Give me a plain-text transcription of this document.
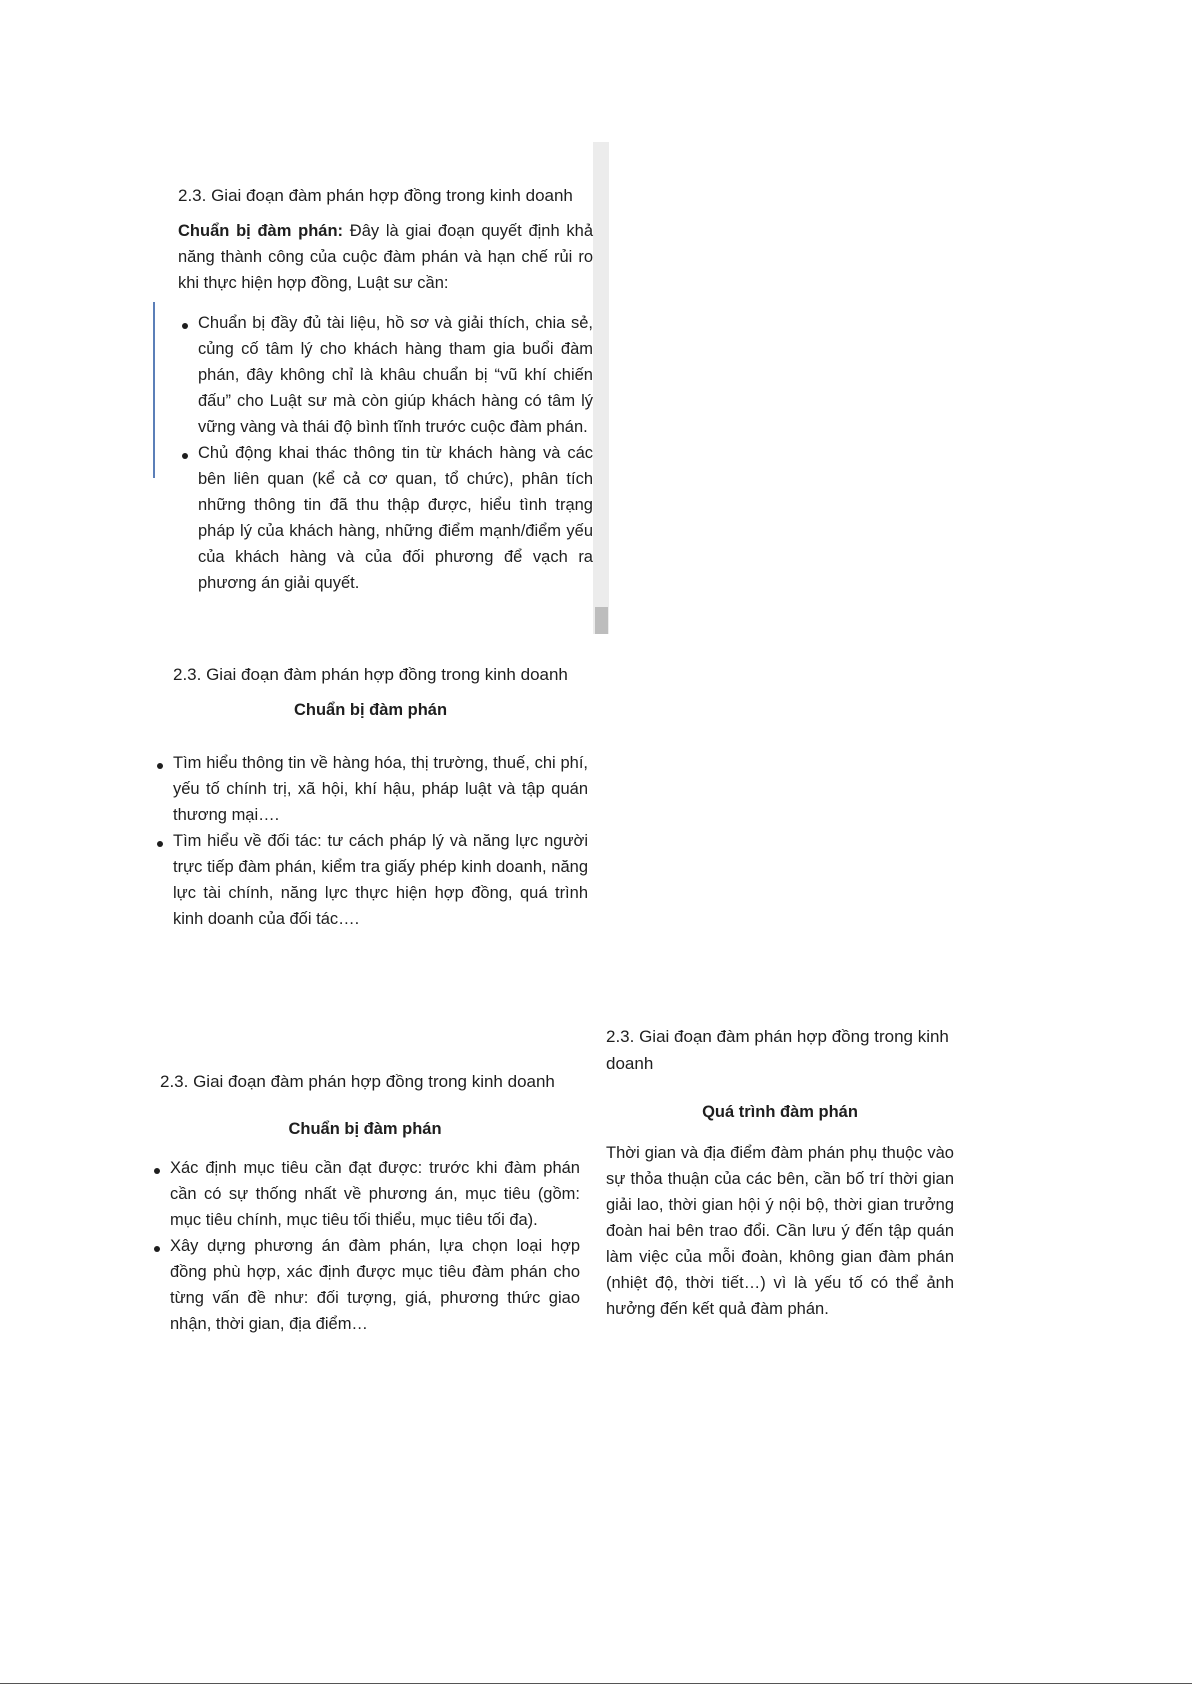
2.3. Giai đoạn đàm phán hợp đồng trong kinh doanh

Chuẩn bị đàm phán: Đây là giai đoạn quyết định khả năng thành công của cuộc đàm phán và hạn chế rủi ro khi thực hiện hợp đồng, Luật sư cần:

Chuẩn bị đầy đủ tài liệu, hồ sơ và giải thích, chia sẻ, củng cố tâm lý cho khách hàng tham gia buổi đàm phán, đây không chỉ là khâu chuẩn bị “vũ khí chiến đấu” cho Luật sư mà còn giúp khách hàng có tâm lý vững vàng và thái độ bình tĩnh trước cuộc đàm phán.
Chủ động khai thác thông tin từ khách hàng và các bên liên quan (kể cả cơ quan, tổ chức), phân tích những thông tin đã thu thập được, hiểu tình trạng pháp lý của khách hàng, những điểm mạnh/điểm yếu của khách hàng và của đối phương để vạch ra phương án giải quyết.

2.3. Giai đoạn đàm phán hợp đồng trong kinh doanh

Chuẩn bị đàm phán

Tìm hiểu thông tin về hàng hóa, thị trường, thuế, chi phí, yếu tố chính trị, xã hội, khí hậu, pháp luật và tập quán thương mại….
Tìm hiểu về đối tác: tư cách pháp lý và năng lực người trực tiếp đàm phán, kiểm tra giấy phép kinh doanh, năng lực tài chính, năng lực thực hiện hợp đồng, quá trình kinh doanh của đối tác….

2.3. Giai đoạn đàm phán hợp đồng trong kinh doanh

Chuẩn bị đàm phán

Xác định mục tiêu cần đạt được: trước khi đàm phán cần có sự thống nhất về phương án, mục tiêu (gồm: mục tiêu chính, mục tiêu tối thiểu, mục tiêu tối đa).
Xây dựng phương án đàm phán, lựa chọn loại hợp đồng phù hợp, xác định được mục tiêu đàm phán cho từng vấn đề như: đối tượng, giá, phương thức giao nhận, thời gian, địa điểm…

2.3. Giai đoạn đàm phán hợp đồng trong kinh doanh

Quá trình đàm phán

Thời gian và địa điểm đàm phán phụ thuộc vào sự thỏa thuận của các bên, cần bố trí thời gian giải lao, thời gian hội ý nội bộ, thời gian trưởng đoàn hai bên trao đổi. Cần lưu ý đến tập quán làm việc của mỗi đoàn, không gian đàm phán (nhiệt độ, thời tiết…) vì là yếu tố có thể ảnh hưởng đến kết quả đàm phán.
